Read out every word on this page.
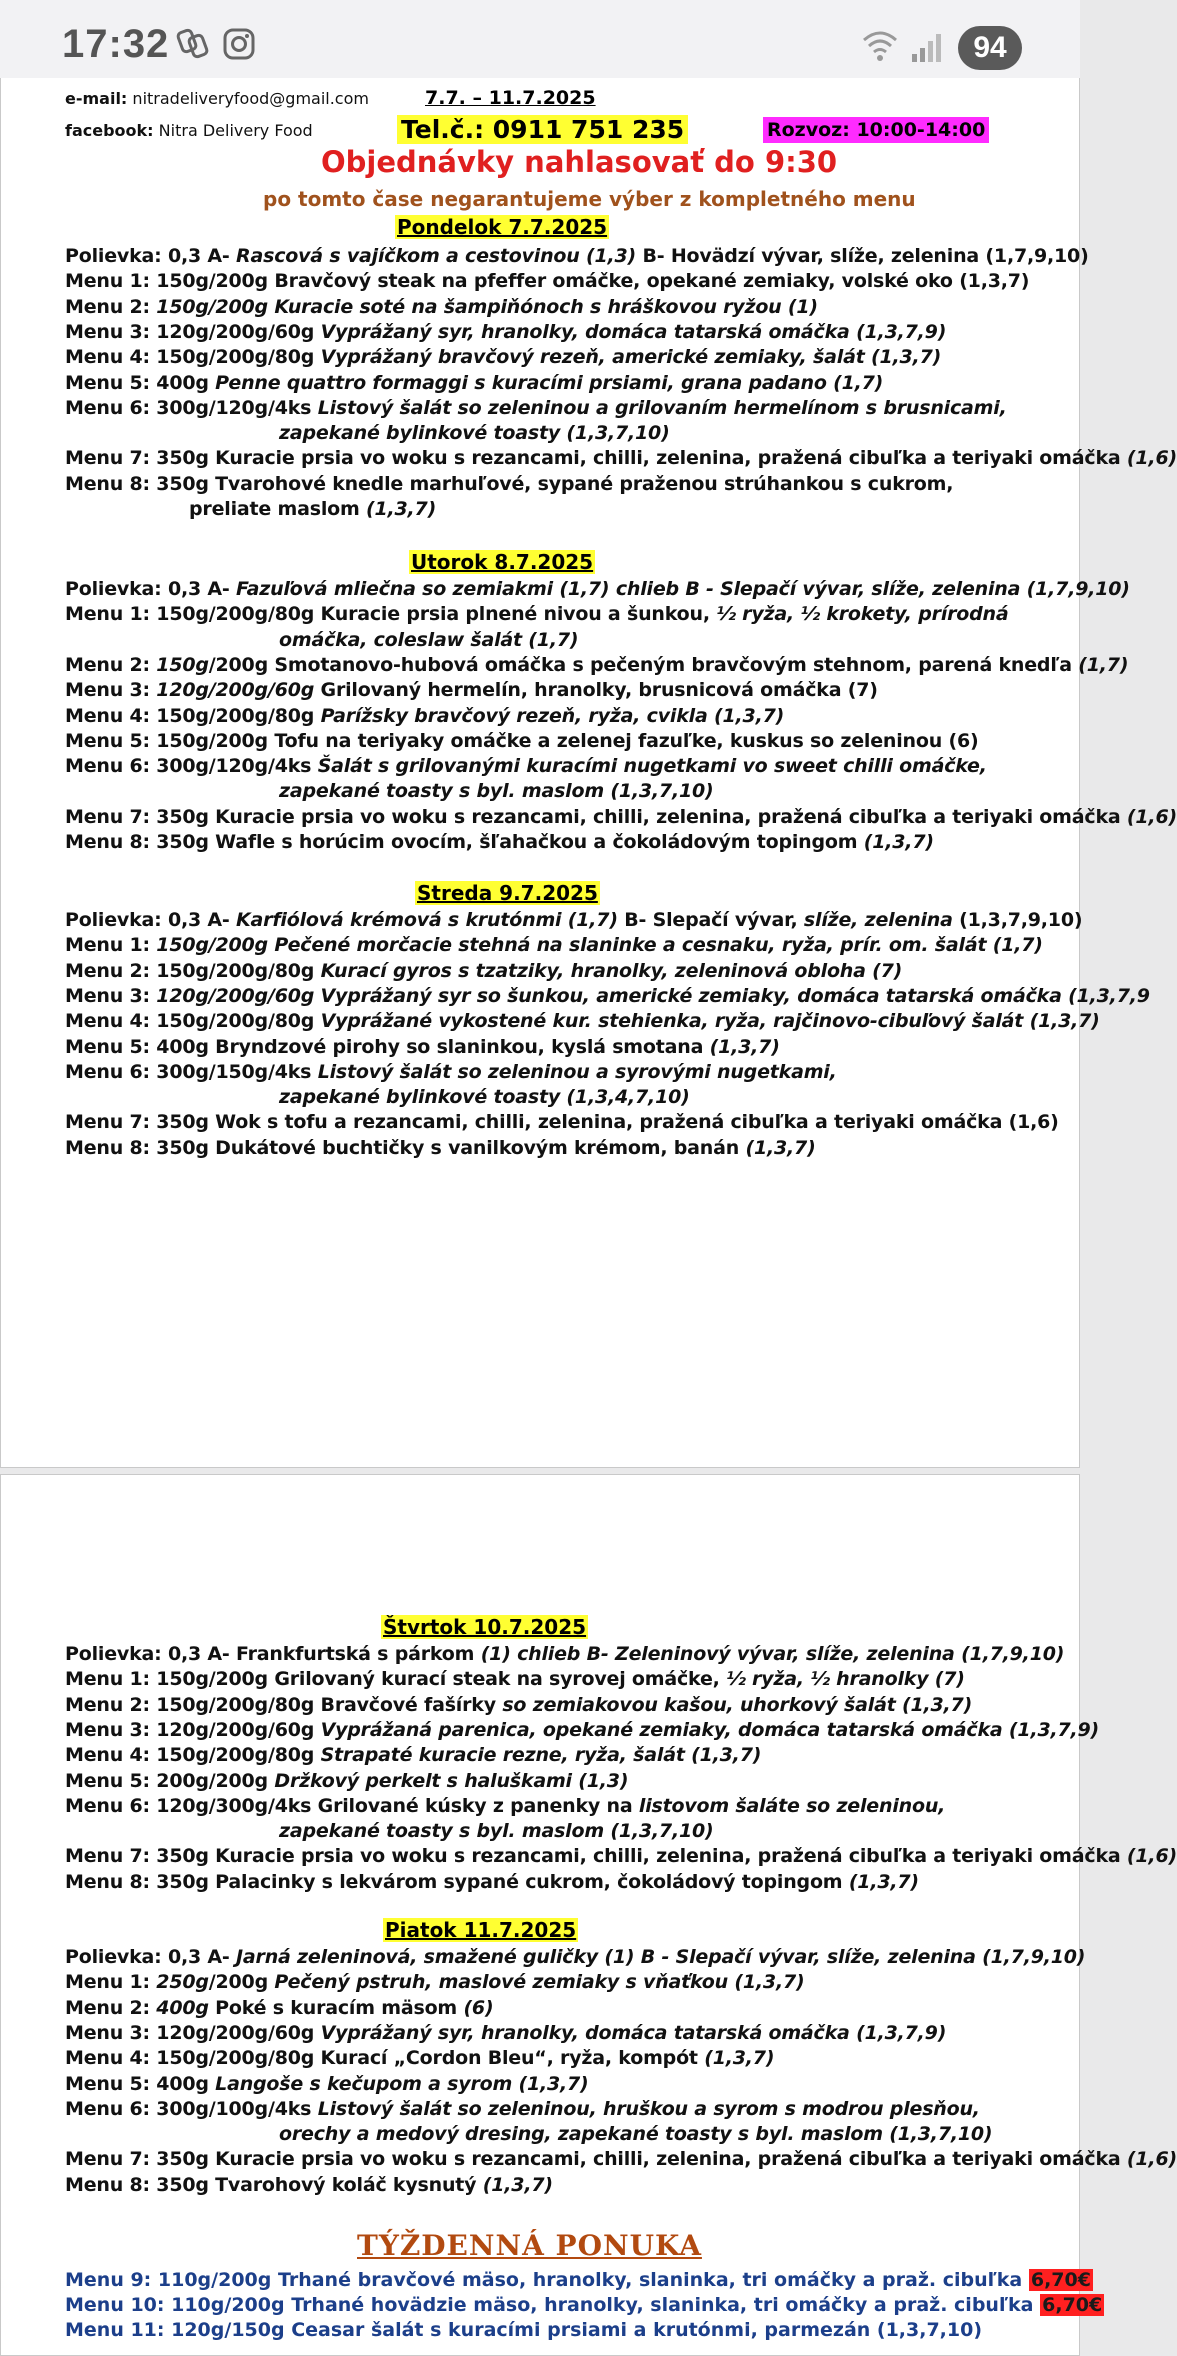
17:32	94
e-mail: nitradeliveryfood@gmail.com
facebook: Nitra Delivery Food
7.7. – 11.7.2025
Tel.č.: 0911 751 235	Rozvoz: 10:00-14:00
Objednávky nahlasovať do 9:30
po tomto čase negarantujeme výber z kompletného menu
Pondelok 7.7.2025
Utorok 8.7.2025
Streda 9.7.2025
Polievka: 0,3 A- Rascová s vajíčkom a cestovinou (1,3) B- Hovädzí vývar, slíže, zelenina (1,7,9,10)
Menu 1: 150g/200g Bravčový steak na pfeffer omáčke, opekané zemiaky, volské oko (1,3,7)
Menu 2: 150g/200g Kuracie soté na šampiňónoch s hráškovou ryžou (1)
Menu 3: 120g/200g/60g Vyprážaný syr, hranolky, domáca tatarská omáčka (1,3,7,9)
Menu 4: 150g/200g/80g Vyprážaný bravčový rezeň, americké zemiaky, šalát (1,3,7)
Menu 5: 400g Penne quattro formaggi s kuracími prsiami, grana padano (1,7)
Menu 6: 300g/120g/4ks Listový šalát so zeleninou a grilovaním hermelínom s brusnicami,
zapekané bylinkové toasty (1,3,7,10)
Menu 7: 350g Kuracie prsia vo woku s rezancami, chilli, zelenina, pražená cibuľka a teriyaki omáčka (1,6)
Menu 8: 350g Tvarohové knedle marhuľové, sypané praženou strúhankou s cukrom,
preliate maslom (1,3,7)
Polievka: 0,3 A- Fazuľová mliečna so zemiakmi (1,7) chlieb B - Slepačí vývar, slíže, zelenina (1,7,9,10)
Menu 1: 150g/200g/80g Kuracie prsia plnené nivou a šunkou, ½ ryža, ½ krokety, prírodná
omáčka, coleslaw šalát (1,7)
Menu 2: 150g/200g Smotanovo-hubová omáčka s pečeným bravčovým stehnom, parená knedľa (1,7)
Menu 3: 120g/200g/60g Grilovaný hermelín, hranolky, brusnicová omáčka (7)
Menu 4: 150g/200g/80g Parížsky bravčový rezeň, ryža, cvikla (1,3,7)
Menu 5: 150g/200g Tofu na teriyaky omáčke a zelenej fazuľke, kuskus so zeleninou (6)
Menu 6: 300g/120g/4ks Šalát s grilovanými kuracími nugetkami vo sweet chilli omáčke,
zapekané toasty s byl. maslom (1,3,7,10)
Menu 7: 350g Kuracie prsia vo woku s rezancami, chilli, zelenina, pražená cibuľka a teriyaki omáčka (1,6)
Menu 8: 350g Wafle s horúcim ovocím, šľahačkou a čokoládovým topingom (1,3,7)
Polievka: 0,3 A- Karfiólová krémová s krutónmi (1,7) B- Slepačí vývar, slíže, zelenina (1,3,7,9,10)
Menu 1: 150g/200g Pečené morčacie stehná na slaninke a cesnaku, ryža, prír. om. šalát (1,7)
Menu 2: 150g/200g/80g Kurací gyros s tzatziky, hranolky, zeleninová obloha (7)
Menu 3: 120g/200g/60g Vyprážaný syr so šunkou, americké zemiaky, domáca tatarská omáčka (1,3,7,9
Menu 4: 150g/200g/80g Vyprážané vykostené kur. stehienka, ryža, rajčinovo-cibuľový šalát (1,3,7)
Menu 5: 400g Bryndzové pirohy so slaninkou, kyslá smotana (1,3,7)
Menu 6: 300g/150g/4ks Listový šalát so zeleninou a syrovými nugetkami,
zapekané bylinkové toasty (1,3,4,7,10)
Menu 7: 350g Wok s tofu a rezancami, chilli, zelenina, pražená cibuľka a teriyaki omáčka (1,6)
Menu 8: 350g Dukátové buchtičky s vanilkovým krémom, banán (1,3,7)
Štvrtok 10.7.2025
Piatok 11.7.2025
TÝŽDENNÁ PONUKA
Menu 9: 110g/200g Trhané bravčové mäso, hranolky, slaninka, tri omáčky a praž. cibuľka 6,70€
Menu 10: 110g/200g Trhané hovädzie mäso, hranolky, slaninka, tri omáčky a praž. cibuľka 6,70€
Menu 11: 120g/150g Ceasar šalát s kuracími prsiami a krutónmi, parmezán (1,3,7,10)
Polievka: 0,3 A- Frankfurtská s párkom (1) chlieb B- Zeleninový vývar, slíže, zelenina (1,7,9,10)
Menu 1: 150g/200g Grilovaný kurací steak na syrovej omáčke, ½ ryža, ½ hranolky (7)
Menu 2: 150g/200g/80g Bravčové fašírky so zemiakovou kašou, uhorkový šalát (1,3,7)
Menu 3: 120g/200g/60g Vyprážaná parenica, opekané zemiaky, domáca tatarská omáčka (1,3,7,9)
Menu 4: 150g/200g/80g Strapaté kuracie rezne, ryža, šalát (1,3,7)
Menu 5: 200g/200g Držkový perkelt s haluškami (1,3)
Menu 6: 120g/300g/4ks Grilované kúsky z panenky na listovom šaláte so zeleninou,
zapekané toasty s byl. maslom (1,3,7,10)
Menu 7: 350g Kuracie prsia vo woku s rezancami, chilli, zelenina, pražená cibuľka a teriyaki omáčka (1,6)
Menu 8: 350g Palacinky s lekvárom sypané cukrom, čokoládový topingom (1,3,7)
Polievka: 0,3 A- Jarná zeleninová, smažené guličky (1) B - Slepačí vývar, slíže, zelenina (1,7,9,10)
Menu 1: 250g/200g Pečený pstruh, maslové zemiaky s vňaťkou (1,3,7)
Menu 2: 400g Poké s kuracím mäsom (6)
Menu 3: 120g/200g/60g Vyprážaný syr, hranolky, domáca tatarská omáčka (1,3,7,9)
Menu 4: 150g/200g/80g Kurací „Cordon Bleu“, ryža, kompót (1,3,7)
Menu 5: 400g Langoše s kečupom a syrom (1,3,7)
Menu 6: 300g/100g/4ks Listový šalát so zeleninou, hruškou a syrom s modrou plesňou,
orechy a medový dresing, zapekané toasty s byl. maslom (1,3,7,10)
Menu 7: 350g Kuracie prsia vo woku s rezancami, chilli, zelenina, pražená cibuľka a teriyaki omáčka (1,6)
Menu 8: 350g Tvarohový koláč kysnutý (1,3,7)
